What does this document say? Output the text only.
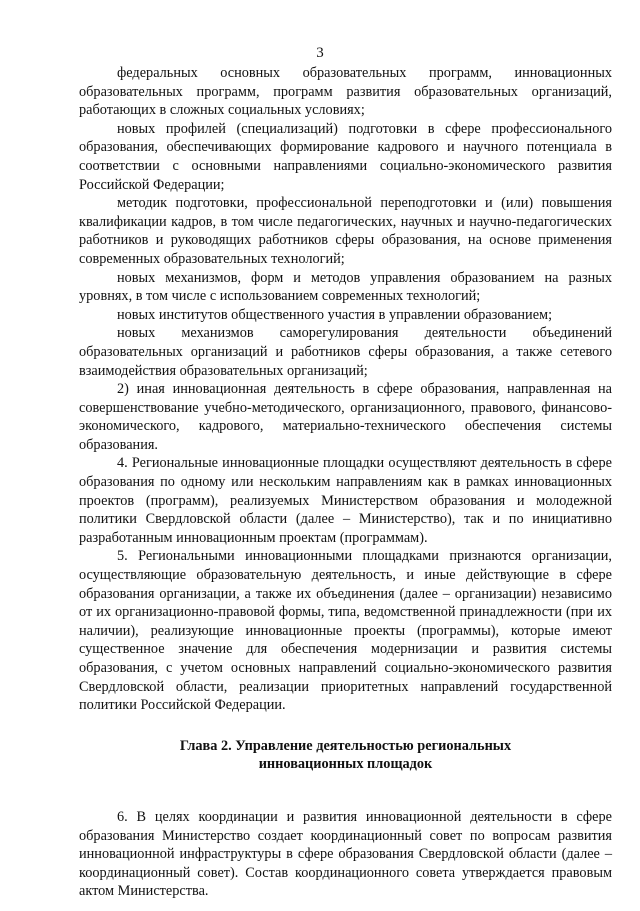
3

федеральных основных образовательных программ, инновационных образовательных программ, программ развития образовательных организаций, работающих в сложных социальных условиях;

новых профилей (специализаций) подготовки в сфере профессионального образования, обеспечивающих формирование кадрового и научного потенциала в соответствии с основными направлениями социально-экономического развития Российской Федерации;

методик подготовки, профессиональной переподготовки и (или) повышения квалификации кадров, в том числе педагогических, научных и научно-педагогических работников и руководящих работников сферы образования, на основе применения современных образовательных технологий;

новых механизмов, форм и методов управления образованием на разных уровнях, в том числе с использованием современных технологий;

новых институтов общественного участия в управлении образованием;

новых механизмов саморегулирования деятельности объединений образовательных организаций и работников сферы образования, а также сетевого взаимодействия образовательных организаций;

2) иная инновационная деятельность в сфере образования, направленная на совершенствование учебно-методического, организационного, правового, финансово-экономического, кадрового, материально-технического обеспечения системы образования.

4. Региональные инновационные площадки осуществляют деятельность в сфере образования по одному или нескольким направлениям как в рамках инновационных проектов (программ), реализуемых Министерством образования и молодежной политики Свердловской области (далее – Министерство), так и по инициативно разработанным инновационным проектам (программам).

5. Региональными инновационными площадками признаются организации, осуществляющие образовательную деятельность, и иные действующие в сфере образования организации, а также их объединения (далее – организации) независимо от их организационно-правовой формы, типа, ведомственной принадлежности (при их наличии), реализующие инновационные проекты (программы), которые имеют существенное значение для обеспечения модернизации и развития системы образования, с учетом основных направлений социально-экономического развития Свердловской области, реализации приоритетных направлений государственной политики Российской Федерации.

Глава 2. Управление деятельностью региональных
инновационных площадок

6. В целях координации и развития инновационной деятельности в сфере образования Министерство создает координационный совет по вопросам развития инновационной инфраструктуры в сфере образования Свердловской области (далее – координационный совет). Состав координационного совета утверждается правовым актом Министерства.
